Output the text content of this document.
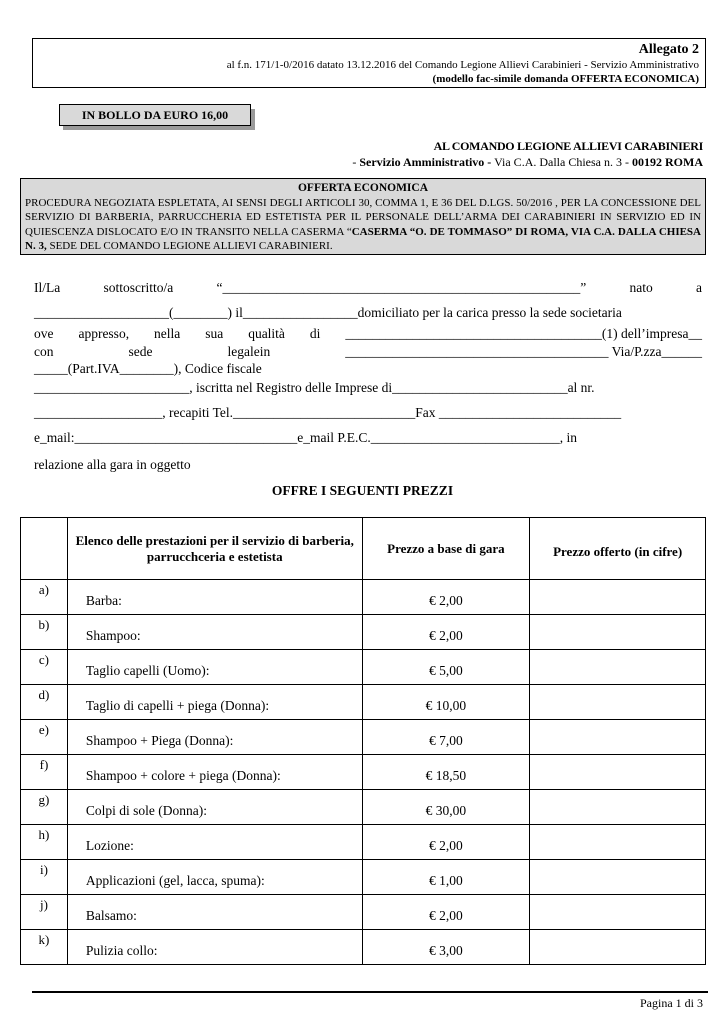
Allegato 2
al f.n. 171/1-0/2016 datato 13.12.2016 del Comando Legione Allievi Carabinieri - Servizio Amministrativo
(modello fac-simile domanda OFFERTA ECONOMICA)
IN BOLLO DA EURO 16,00
AL COMANDO LEGIONE ALLIEVI CARABINIERI
- Servizio Amministrativo - Via C.A. Dalla Chiesa n. 3 - 00192 ROMA
OFFERTA ECONOMICA
PROCEDURA NEGOZIATA ESPLETATA, AI SENSI DEGLI ARTICOLI 30, COMMA 1, E 36 DEL D.LGS. 50/2016 , PER LA CONCESSIONE DEL SERVIZIO DI BARBERIA, PARRUCCHERIA ED ESTETISTA PER IL PERSONALE DELL’ARMA DEI CARABINIERI IN SERVIZIO ED IN QUIESCENZA DISLOCATO E/O IN TRANSITO NELLA CASERMA “CASERMA “O. DE TOMMASO” DI ROMA, VIA C.A. DALLA CHIESA N. 3, SEDE DEL COMANDO LEGIONE ALLIEVI CARABINIERI.
Il/La	sottoscritto/a	“_____________________________________________________”	nato	a
____________________(________) il_________________domiciliato per la carica presso la sede societaria
ove appresso, nella sua qualità di ______________________________________(1) dell’impresa__
con	sede	legalein	_______________________________________ Via/P.zza______
_____(Part.IVA________), Codice fiscale
_______________________, iscritta nel Registro delle Imprese di__________________________al nr.
___________________, recapiti Tel.___________________________Fax ___________________________
e_mail:_________________________________e_mail P.E.C.____________________________, in
relazione alla gara in oggetto
OFFRE I SEGUENTI PREZZI
	Elenco delle prestazioni per il servizio di barberia, parrucchceria e estetista	Prezzo a base di gara	Prezzo offerto (in cifre)
a)	Barba:	€ 2,00	
b)	Shampoo:	€ 2,00	
c)	Taglio capelli (Uomo):	€ 5,00	
d)	Taglio di capelli + piega (Donna):	€ 10,00	
e)	Shampoo + Piega (Donna):	€ 7,00	
f)	Shampoo + colore + piega (Donna):	€ 18,50	
g)	Colpi di sole (Donna):	€ 30,00	
h)	Lozione:	€ 2,00	
i)	Applicazioni (gel, lacca, spuma):	€ 1,00	
j)	Balsamo:	€ 2,00	
k)	Pulizia collo:	€ 3,00	
Pagina 1 di 3
